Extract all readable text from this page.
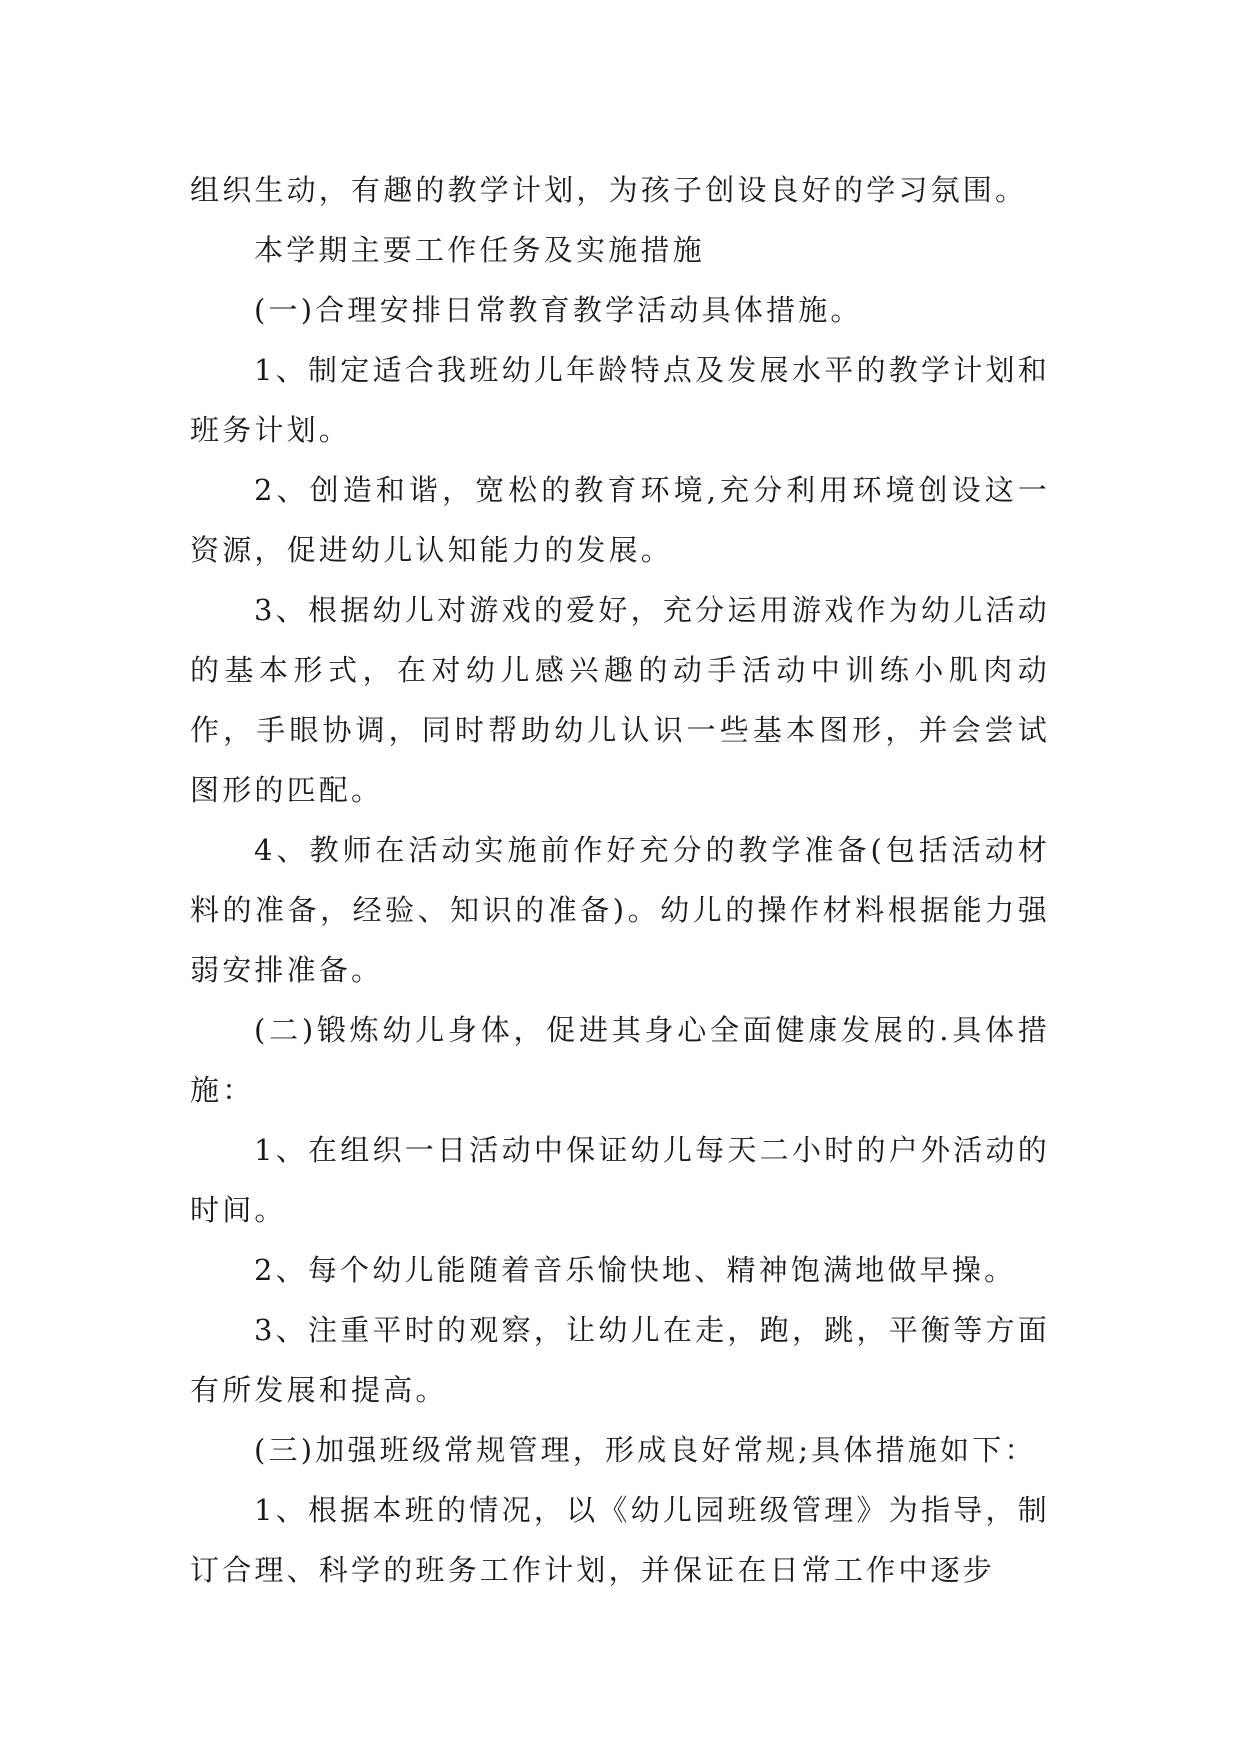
组织生动，有趣的教学计划，为孩子创设良好的学习氛围。

本学期主要工作任务及实施措施

(一)合理安排日常教育教学活动具体措施。

1、制定适合我班幼儿年龄特点及发展水平的教学计划和班务计划。

2、创造和谐，宽松的教育环境,充分利用环境创设这一资源，促进幼儿认知能力的发展。

3、根据幼儿对游戏的爱好，充分运用游戏作为幼儿活动的基本形式，在对幼儿感兴趣的动手活动中训练小肌肉动作，手眼协调，同时帮助幼儿认识一些基本图形，并会尝试图形的匹配。

4、教师在活动实施前作好充分的教学准备(包括活动材料的准备，经验、知识的准备)。幼儿的操作材料根据能力强弱安排准备。

(二)锻炼幼儿身体，促进其身心全面健康发展的.具体措施：

1、在组织一日活动中保证幼儿每天二小时的户外活动的时间。

2、每个幼儿能随着音乐愉快地、精神饱满地做早操。

3、注重平时的观察，让幼儿在走，跑，跳，平衡等方面有所发展和提高。

(三)加强班级常规管理，形成良好常规;具体措施如下：

1、根据本班的情况，以《幼儿园班级管理》为指导，制订合理、科学的班务工作计划，并保证在日常工作中逐步
